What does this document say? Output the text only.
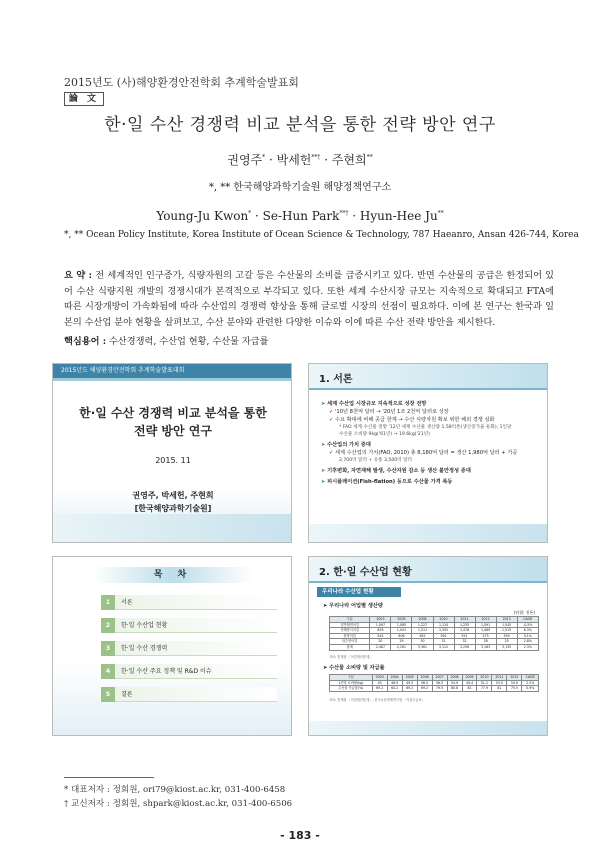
2015년도 (사)해양환경안전학회 추계학술발표회
論 文
한·일 수산 경쟁력 비교 분석을 통한 전략 방안 연구
권영주* · 박세헌**† · 주현희**
*, ** 한국해양과학기술원 해양정책연구소
Young-Ju Kwon* · Se-Hun Park**† · Hyun-Hee Ju**
*, ** Ocean Policy Institute, Korea Institute of Ocean Science & Technology, 787 Haeanro, Ansan 426-744, Korea
요 약 : 전 세계적인 인구증가, 식량자원의 고갈 등은 수산물의 소비를 급증시키고 있다. 반면 수산물의 공급은 한정되어 있어 수산 식량지원 개발의 경쟁시대가 본격적으로 부각되고 있다. 또한 세계 수산시장 규모는 지속적으로 확대되고 FTA에 따른 시장개방이 가속화됨에 따라 수산업의 경쟁력 향상을 통해 글로벌 시장의 선점이 필요하다. 이에 본 연구는 한국과 일본의 수산업 분야 현황을 살펴보고, 수산 분야와 관련한 다양한 이슈와 이에 따른 수산 전략 방안을 제시한다.
핵심용어 : 수산경쟁력, 수산업 현황, 수산물 자급률
2015년도 해양환경안전학회 추계학술발표대회
한·일 수산 경쟁력 비교 분석을 통한
전략 방안 연구
2015. 11
권영주, 박세헌, 주현희
[한국해양과학기술원]
1. 서론
➤ 세계 수산업 시장규모 지속적으로 성장 전망
✓ '10년 8천억 달러 → '20년 1조 2천억 달러로 성장
✓ 수요 확대에 비해 공급 한계 → 수산 식량자원 확보 위한 해외 경쟁 심화
* FAO 세계 수산물 전망 '12년 세계 수산물 생산량 1.58억톤(생산증가율 둔화), 1인당
수산물 소비량 9kg('61년) → 19.6kg('21년)
➤ 수산업의 가치 증대
✓ 세계 수산업의 가치(FAO, 2010) 총 8,180억 달러 = 생산 1,980억 달러 + 가공
2,700억 달러 + 유통 3,500억 달러
➤ 기후변화, 자연재해 발생, 수산자원 감소 등 생산 불안정성 증대
➤ 피시플레이션(Fish-flation) 등으로 수산물 가격 폭등
목 차
1	서론
2	한·일 수산업 현황
3	한·일 수산 경쟁력
4	한·일 수산 주요 정책 및 R&D 이슈
5	결론
2. 한·일 수산업 현황
우리나라 수산업 현황
➤ 우리나라 어업별 생산량
(단위: 천톤)
구분	2003	2005	2008	2010	2011	2012	2013	CAGR
일반해면어업	1,097	1,085	1,227	1,134	1,235	1,091	1,045	-0.5%
천해양식어업	826	1,041	1,511	1,355	1,478	1,489	1,515	6.3%
원양어업	545	606	652	592	551	575	550	0.1%
내수면어업	20	29	30	31	32	28	25	2.8%
합계	2,487	2,161	3,361	3,112	3,256	3,183	3,135	2.3%
자료: 통계청 「어업생산통계」
➤ 수산물 소비량 및 자급률
구분	2003	2004	2005	2006	2007	2008	2009	2010	2011	2012	CAGR
1인당 소비량(kg)	45	48.9	49.5	56.5	56.5	54.9	49.4	51.2	53.5	54.9	2.2%
수산물 자급률(%)	69.2	64.2	69.2	69.2	79.5	80.8	81	77.9	81	75.5	0.9%
자료: 통계청 「어업생산통계」, 한국농촌경제연구원 「식품수급표」
* 대표저자 : 정회원, ori79@kiost.ac.kr, 031-400-6458
† 교신저자 : 정회원, shpark@kiost.ac.kr, 031-400-6506
- 183 -
